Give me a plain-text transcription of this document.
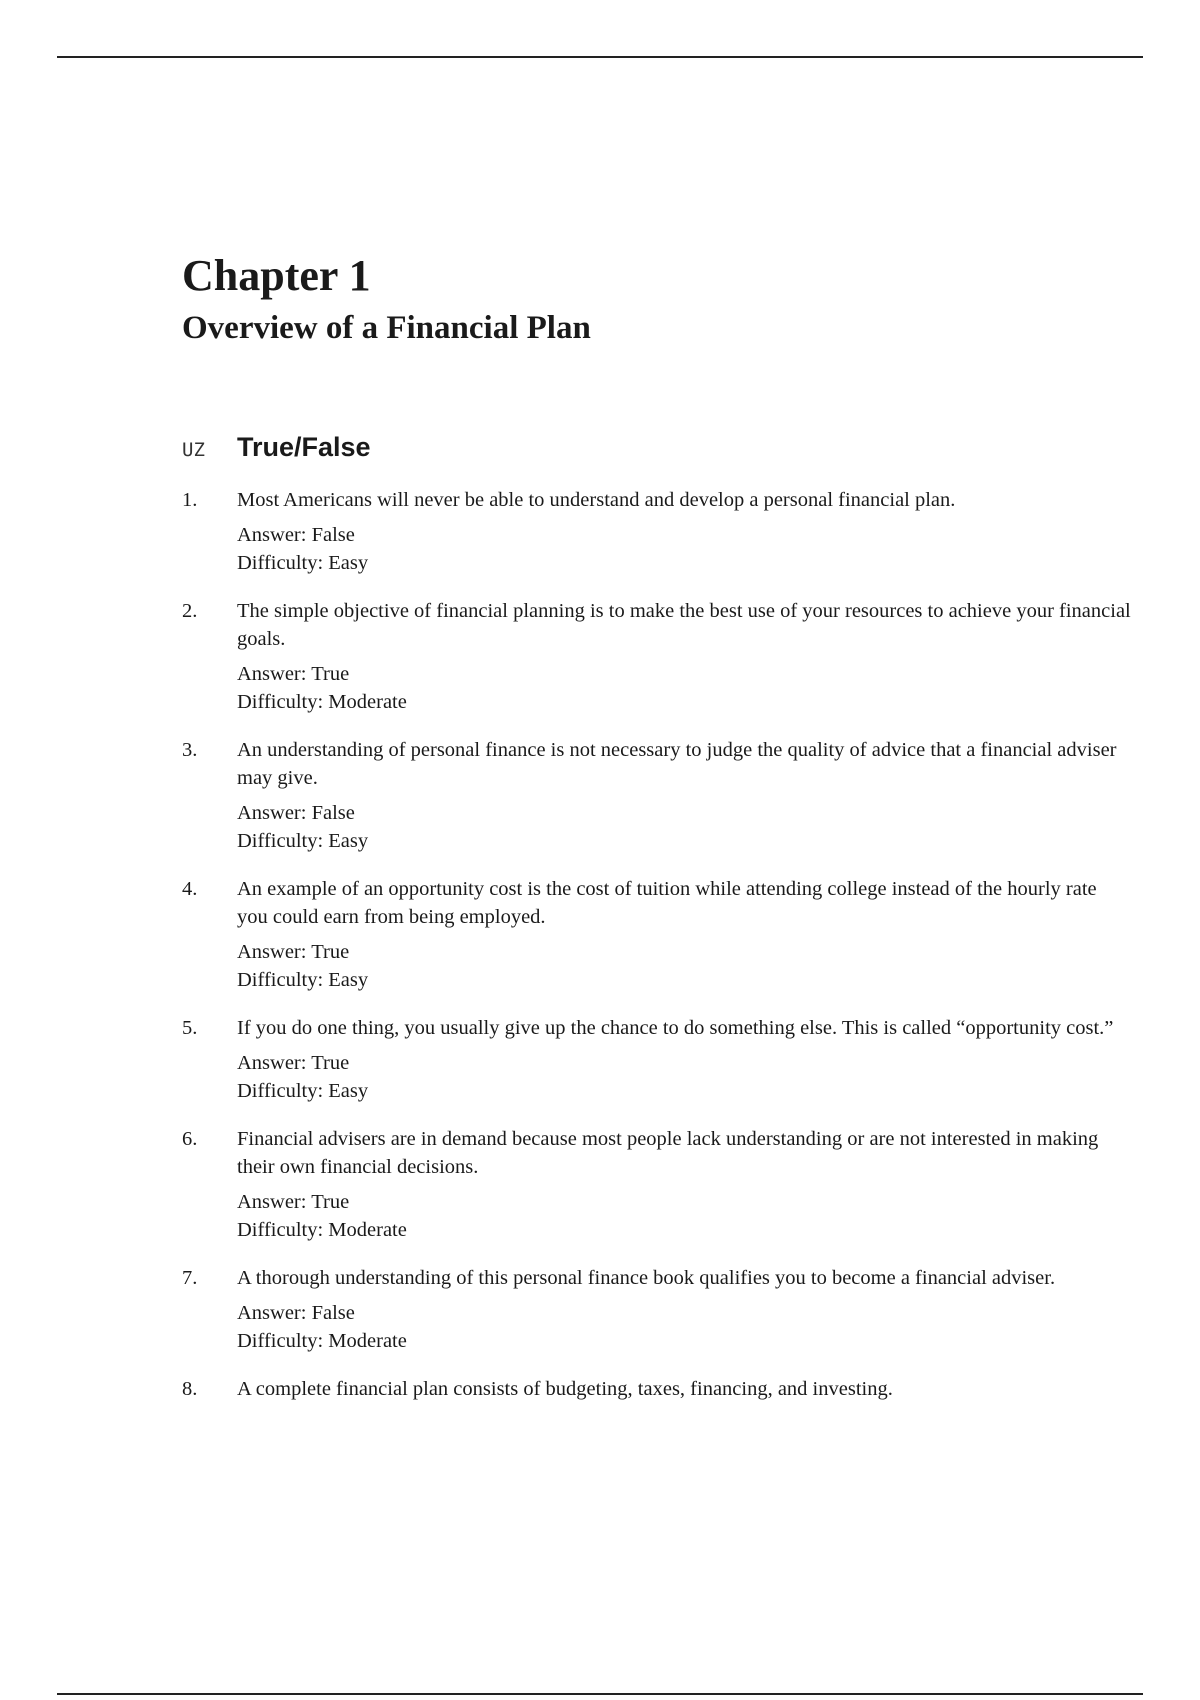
Chapter 1
Overview of a Financial Plan
UZ	True/False
1.	Most Americans will never be able to understand and develop a personal financial plan.

Answer: False

Difficulty: Easy

2.	The simple objective of financial planning is to make the best use of your resources to achieve your financial goals.

Answer: True

Difficulty: Moderate

3.	An understanding of personal finance is not necessary to judge the quality of advice that a financial adviser may give.

Answer: False

Difficulty: Easy

4.	An example of an opportunity cost is the cost of tuition while attending college instead of the hourly rate you could earn from being employed.

Answer: True

Difficulty: Easy

5.	If you do one thing, you usually give up the chance to do something else. This is called “opportunity cost.”

Answer: True

Difficulty: Easy

6.	Financial advisers are in demand because most people lack understanding or are not interested in making their own financial decisions.

Answer: True

Difficulty: Moderate

7.	A thorough understanding of this personal finance book qualifies you to become a financial adviser.

Answer: False

Difficulty: Moderate

8.	A complete financial plan consists of budgeting, taxes, financing, and investing.
